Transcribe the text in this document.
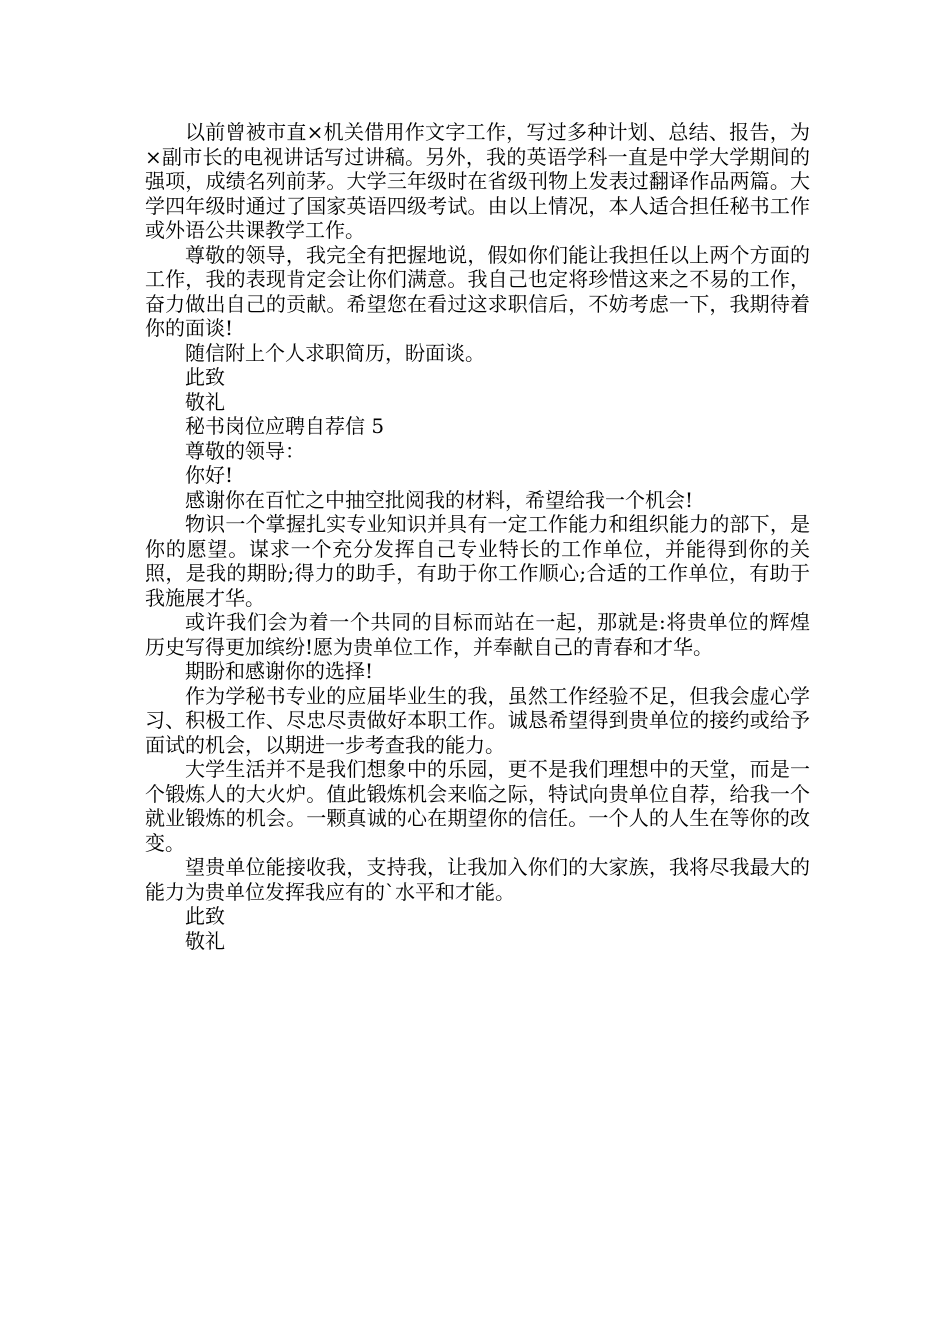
以前曾被市直×机关借用作文字工作，写过多种计划、总结、报告，为×副市长的电视讲话写过讲稿。另外，我的英语学科一直是中学大学期间的强项，成绩名列前茅。大学三年级时在省级刊物上发表过翻译作品两篇。大学四年级时通过了国家英语四级考试。由以上情况，本人适合担任秘书工作或外语公共课教学工作。

尊敬的领导，我完全有把握地说，假如你们能让我担任以上两个方面的工作，我的表现肯定会让你们满意。我自己也定将珍惜这来之不易的工作，奋力做出自己的贡献。希望您在看过这求职信后，不妨考虑一下，我期待着你的面谈!

随信附上个人求职简历，盼面谈。

此致

敬礼

秘书岗位应聘自荐信 5

尊敬的领导：

你好!

感谢你在百忙之中抽空批阅我的材料，希望给我一个机会!

物识一个掌握扎实专业知识并具有一定工作能力和组织能力的部下，是你的愿望。谋求一个充分发挥自己专业特长的工作单位，并能得到你的关照，是我的期盼;得力的助手，有助于你工作顺心;合适的工作单位，有助于我施展才华。

或许我们会为着一个共同的目标而站在一起，那就是:将贵单位的辉煌历史写得更加缤纷!愿为贵单位工作，并奉献自己的青春和才华。

期盼和感谢你的选择!

作为学秘书专业的应届毕业生的我，虽然工作经验不足，但我会虚心学习、积极工作、尽忠尽责做好本职工作。诚恳希望得到贵单位的接约或给予面试的机会，以期进一步考查我的能力。

大学生活并不是我们想象中的乐园，更不是我们理想中的天堂，而是一个锻炼人的大火炉。值此锻炼机会来临之际，特试向贵单位自荐，给我一个就业锻炼的机会。一颗真诚的心在期望你的信任。一个人的人生在等你的改变。

望贵单位能接收我，支持我，让我加入你们的大家族，我将尽我最大的能力为贵单位发挥我应有的`水平和才能。

此致

敬礼
